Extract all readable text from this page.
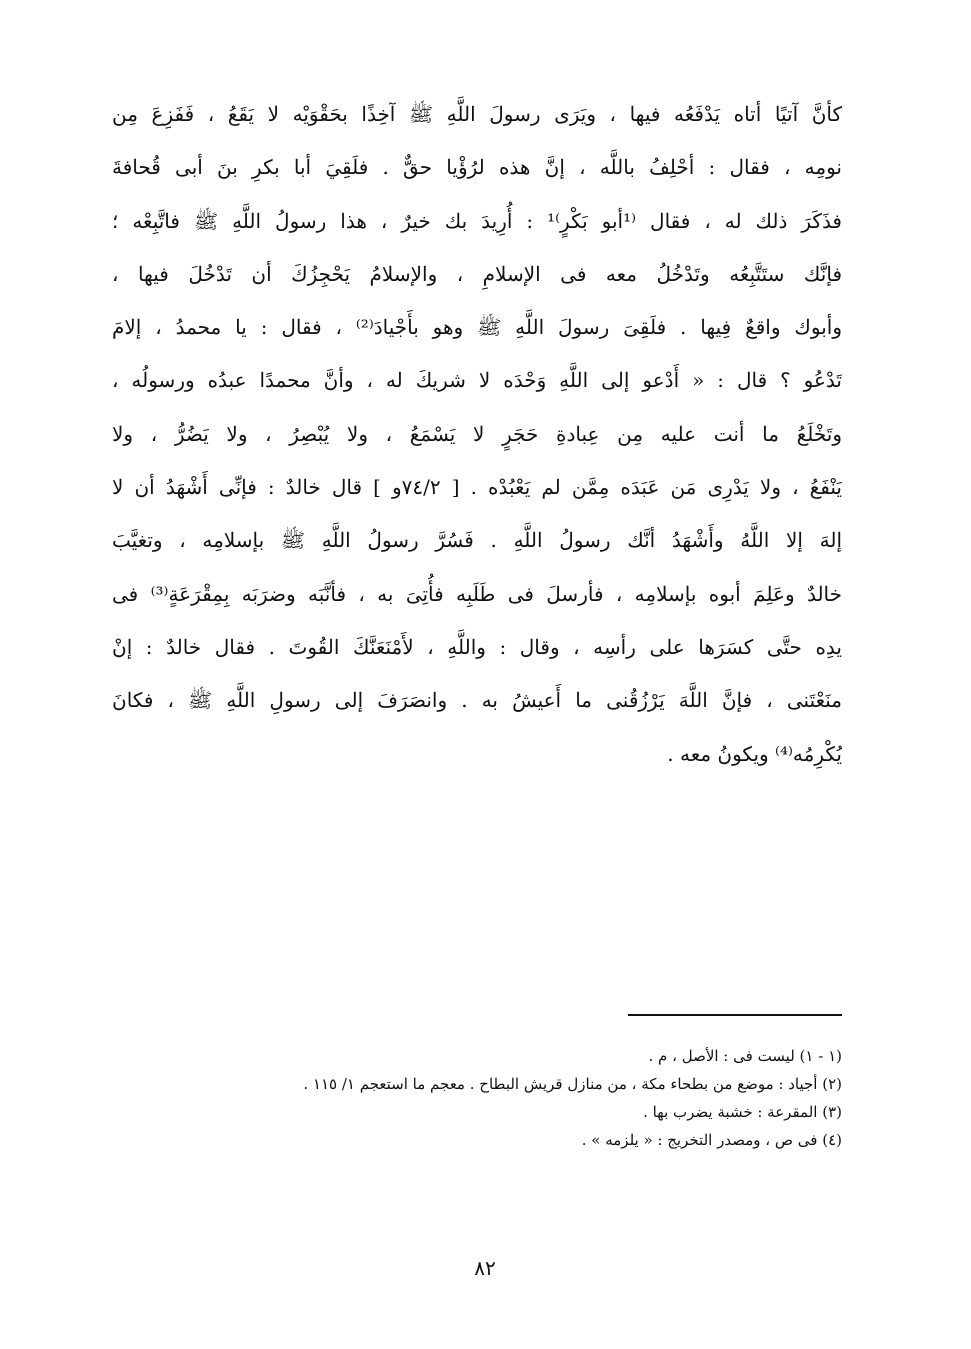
كأنَّ آتيًا أتاه يَدْفَعُه فيها ، ويَرَى رسولَ اللَّهِ ﷺ آخِذًا بحَقْوَيْه لا يَقَعُ ، فَفَزِعَ مِن
نومِه ، فقال : أحْلِفُ باللَّه ، إنَّ هذه لرُؤْيا حقٌّ . فلَقِيَ أبا بكرِ بنَ أبى قُحافةَ
فذَكَرَ ذلك له ، فقال ⁽¹أبو بَكْرٍ⁾¹ : أُرِيدَ بك خيرٌ ، هذا رسولُ اللَّهِ ﷺ فاتَّبِعْه ؛
فإنَّك ستَتَّبِعُه وتَدْخُلُ معه فى الإسلامِ ، والإسلامُ يَحْجِزُكَ أن تَدْخُلَ فيها ،
وأبوك واقعٌ فِيها . فلَقِىَ رسولَ اللَّهِ ﷺ وهو بأَجْيادَ⁽²⁾ ، فقال : يا محمدُ ، إلامَ
تَدْعُو ؟ قال : « أَدْعو إلى اللَّهِ وَحْدَه لا شريكَ له ، وأنَّ محمدًا عبدُه ورسولُه ،
وتَخْلَعُ ما أنت عليه مِن عِبادةِ حَجَرٍ لا يَسْمَعُ ، ولا يُبْصِرُ ، ولا يَضُرُّ ، ولا
يَنْفَعُ ، ولا يَدْرِى مَن عَبَدَه مِمَّن لم يَعْبُدْه . [ ٧٤/٢و ] قال خالدٌ : فإنِّى أَشْهَدُ أن لا
إلهَ إلا اللَّهُ وأَشْهَدُ أنَّك رسولُ اللَّهِ . فَسُرَّ رسولُ اللَّهِ ﷺ بإسلامِه ، وتغيَّبَ
خالدٌ وعَلِمَ أبوه بإسلامِه ، فأرسلَ فى طَلَبِه فأُتِىَ به ، فأنَّبَه وضرَبَه بِمِقْرَعَةٍ⁽³⁾ فى
يدِه حتَّى كسَرَها على رأسِه ، وقال : واللَّهِ ، لأَمْنَعَنَّكَ القُوتَ . فقال خالدٌ : إنْ
منَعْتَنى ، فإنَّ اللَّهَ يَرْزُقُنى ما أَعيشُ به . وانصَرَفَ إلى رسولِ اللَّهِ ﷺ ، فكانَ
يُكْرِمُه⁽⁴⁾ ويكونُ معه .
(١ - ١) ليست فى : الأصل ، م .
(٢) أجياد : موضع من بطحاء مكة ، من منازل قريش البطاح . معجم ما استعجم ١/ ١١٥ .
(٣) المقرعة : خشبة يضرب بها .
(٤) فى ص ، ومصدر التخريج : « يلزمه » .
٨٢
